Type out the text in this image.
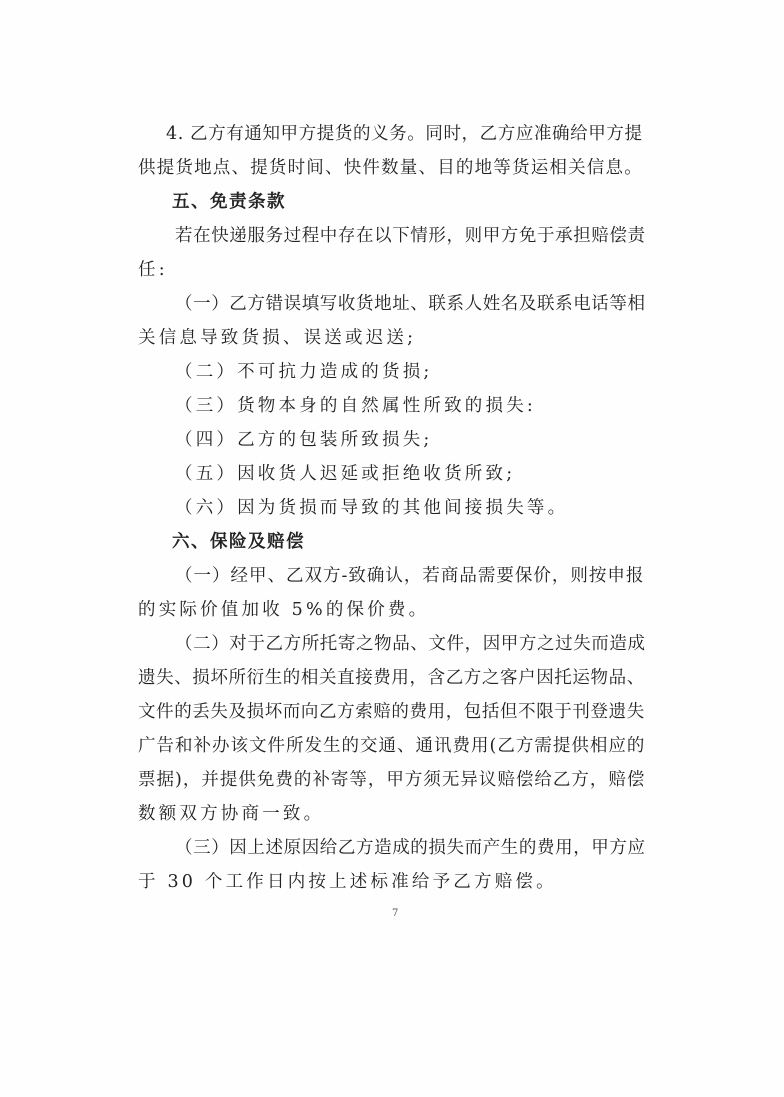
4. 乙方有通知甲方提货的义务。同时，乙方应准确给甲方提
供提货地点、提货时间、快件数量、目的地等货运相关信息。
五、免责条款
若在快递服务过程中存在以下情形，则甲方免于承担赔偿责
任:
（一）乙方错误填写收货地址、联系人姓名及联系电话等相
关信息导致货损、误送或迟送;
（二）不可抗力造成的货损;
（三）货物本身的自然属性所致的损失:
（四）乙方的包装所致损失;
（五）因收货人迟延或拒绝收货所致;
（六）因为货损而导致的其他间接损失等。
六、保险及赔偿
（一）经甲、乙双方-致确认，若商品需要保价，则按申报
的实际价值加收 5%的保价费。
（二）对于乙方所托寄之物品、文件，因甲方之过失而造成
遗失、损坏所衍生的相关直接费用，含乙方之客户因托运物品、
文件的丢失及损坏而向乙方索赔的费用，包括但不限于刊登遗失
广告和补办该文件所发生的交通、通讯费用(乙方需提供相应的
票据)，并提供免费的补寄等，甲方须无异议赔偿给乙方，赔偿
数额双方协商一致。
（三）因上述原因给乙方造成的损失而产生的费用，甲方应
于 30 个工作日内按上述标准给予乙方赔偿。
7
